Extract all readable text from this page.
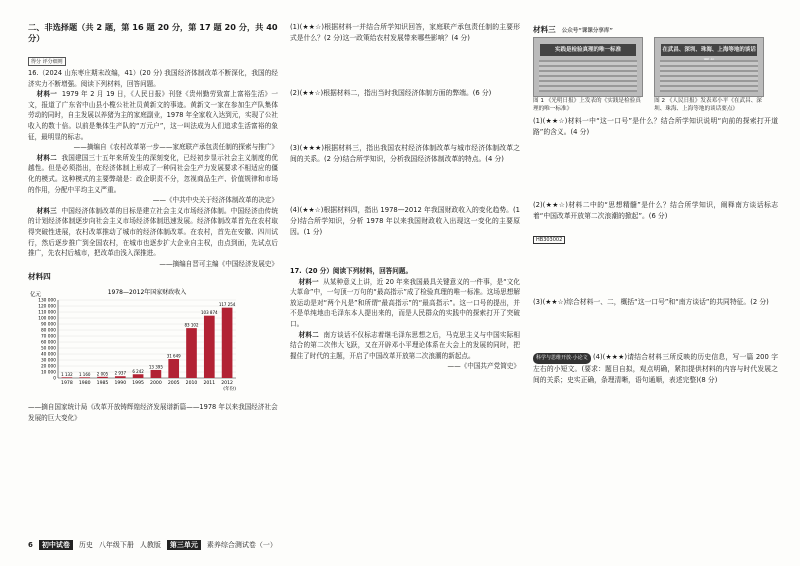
二、非选择题（共 2 题，第 16 题 20 分，第 17 题 20 分，共 40 分）
得分 评分细则
16.（2024 山东枣庄期末改编，41）(20 分) 我国经济体制改革不断深化，我国的经济实力不断增强。阅读下列材料，回答问题。
材料一 1979 年 2 月 19 日，《人民日报》刊登《贵州勤劳致富上富裕生活》一文，报道了广东省中山县小榄公社社员黄新文的事迹。黄新文一家在参加生产队集体劳动的同时，自主发展以养猪为主的家庭副业，1978 年全家收入达到元，实现了公社收入的数十倍。以前是集体生产队的“万元户”，这一叫法成为人们追求生活富裕的象征，最明显的标志。
——摘编自《农村改革第一步——家庭联产承包责任制的探索与推广》
材料二 我国建国三十五年来所发生的深刻变化，已经初步显示社会主义制度的优越性。但是必须指出，在经济体制上形成了一种同社会生产力发展要求不相适应的僵化的模式。这种模式的主要弊端是：政企职责不分，忽视商品生产、价值规律和市场的作用，分配中平均主义严重。
——《中共中央关于经济体制改革的决定》
材料三 中国经济体制改革的目标是建立社会主义市场经济体制。中国经济由传统的计划经济体制逐步向社会主义市场经济体制迅速发展。经济体制改革首先在农村取得突破性进展，农村改革推动了城市的经济体制改革。在农村，首先在安徽、四川试行，然后逐步推广到全国农村，在城市也逐步扩大企业自主权，由点到面，先试点后推广，先农村后城市，把改革由浅入深推进。
——摘编自晋可主编《中国经济发展史》
材料四
1978—2012年国家财政收入
亿元
0
10 000
20 000
30 000
40 000
50 000
60 000
70 000
80 000
90 000
100 000
110 000
120 000
130 000
1 132
1978
1 160
1980
2 005
1985
2 937
1990
6 242
1995
13 395
2000
31 649
2005
83 102
2010
103 874
2011
117 254
2012
(年份)
——摘自国家统计局《改革开放铸辉煌经济发展谱新篇——1978 年以来我国经济社会发展的巨大变化》
(1)(★★☆)根据材料一并结合所学知识回答，家庭联产承包责任制的主要形式是什么？(2 分)这一政策给农村发展带来哪些影响？(4 分)
(2)(★★☆)根据材料二，指出当时我国经济体制方面的弊端。(6 分)
(3)(★★★)根据材料三，指出我国农村经济体制改革与城市经济体制改革之间的关系。(2 分)结合所学知识，分析我国经济体制改革的特点。(4 分)
(4)(★★☆)根据材料四，指出 1978—2012 年我国财政收入的变化趋势。(1 分)结合所学知识，分析 1978 年以来我国财政收入出现这一变化的主要原因。(1 分)
17.（20 分）阅读下列材料，回答问题。
材料一 从某种意义上讲，近 20 年来我国最具关键意义的一件事，是“文化大革命”中，一句顶一万句的“最高指示”成了检验真理的唯一标准。这场思想解放运动是对“两个凡是”和所谓“最高指示”的“最高指示”。这一口号的提出，并不是单纯地由毛泽东本人提出来的，而是人民群众的实践中的探索打开了突破口。
材料二 南方谈话不仅标志着继毛泽东思想之后，马克思主义与中国实际相结合的第二次伟大飞跃，又在开辟邓小平理论体系在大会上的发展的同时，把握住了时代的主题，开启了中国改革开放第二次浪潮的新起点。
——《中国共产党简史》
材料三 公众号“课课分享库”
实践是检验真理的唯一标准
	在武昌、深圳、珠海、上海等地的谈话
图 1 《光明日报》上发表的《实践是检验真理的唯一标准》 图 2 《人民日报》发表邓小平《在武昌、深圳、珠海、上海等地的谈话要点》
(1)(★★☆)材料一中“这一口号”是什么？结合所学知识说明“向前的探索打开道路”的含义。(4 分)
(2)(★★☆)材料二中的“思想精髓”是什么？结合所学知识，阐释南方谈话标志着“中国改革开放第二次浪潮的掀起”。(6 分)
HB303002
(3)(★★☆)综合材料一、二，概括“这一口号”和“南方谈话”的共同特征。(2 分)
科学与思维开放·小论文 (4)(★★★)请结合材料三所反映的历史信息，写一篇 200 字左右的小短文。(要求：题目自拟，观点明确，紧扣提供材料的内容与时代发展之间的关系；史实正确，条理清晰，语句通顺，表述完整)(8 分)
6	初中试卷	历史 八年级下册 人教版	第三单元	素养综合测试卷（一）
